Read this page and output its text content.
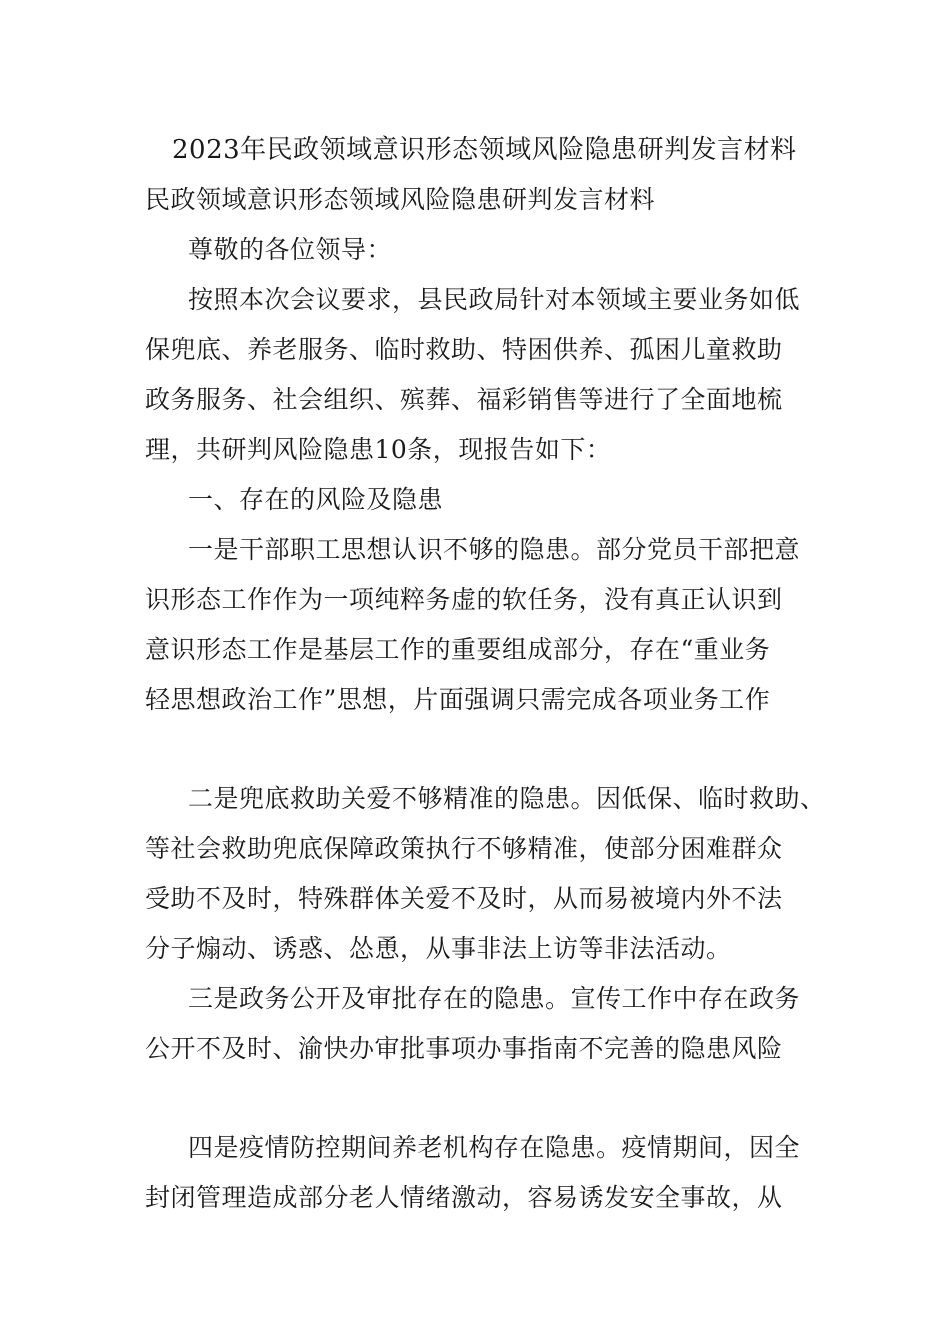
2023年民政领域意识形态领域风险隐患研判发言材料
民政领域意识形态领域风险隐患研判发言材料
尊敬的各位领导：
按照本次会议要求，县民政局针对本领域主要业务如低
保兜底、养老服务、临时救助、特困供养、孤困儿童救助
政务服务、社会组织、殡葬、福彩销售等进行了全面地梳
理，共研判风险隐患10条，现报告如下：
一、存在的风险及隐患
一是干部职工思想认识不够的隐患。部分党员干部把意
识形态工作作为一项纯粹务虚的软任务，没有真正认识到
意识形态工作是基层工作的重要组成部分，存在“重业务
轻思想政治工作”思想，片面强调只需完成各项业务工作
二是兜底救助关爱不够精准的隐患。因低保、临时救助、
等社会救助兜底保障政策执行不够精准，使部分困难群众
受助不及时，特殊群体关爱不及时，从而易被境内外不法
分子煽动、诱惑、怂恿，从事非法上访等非法活动。
三是政务公开及审批存在的隐患。宣传工作中存在政务
公开不及时、渝快办审批事项办事指南不完善的隐患风险
四是疫情防控期间养老机构存在隐患。疫情期间，因全
封闭管理造成部分老人情绪激动，容易诱发安全事故，从
